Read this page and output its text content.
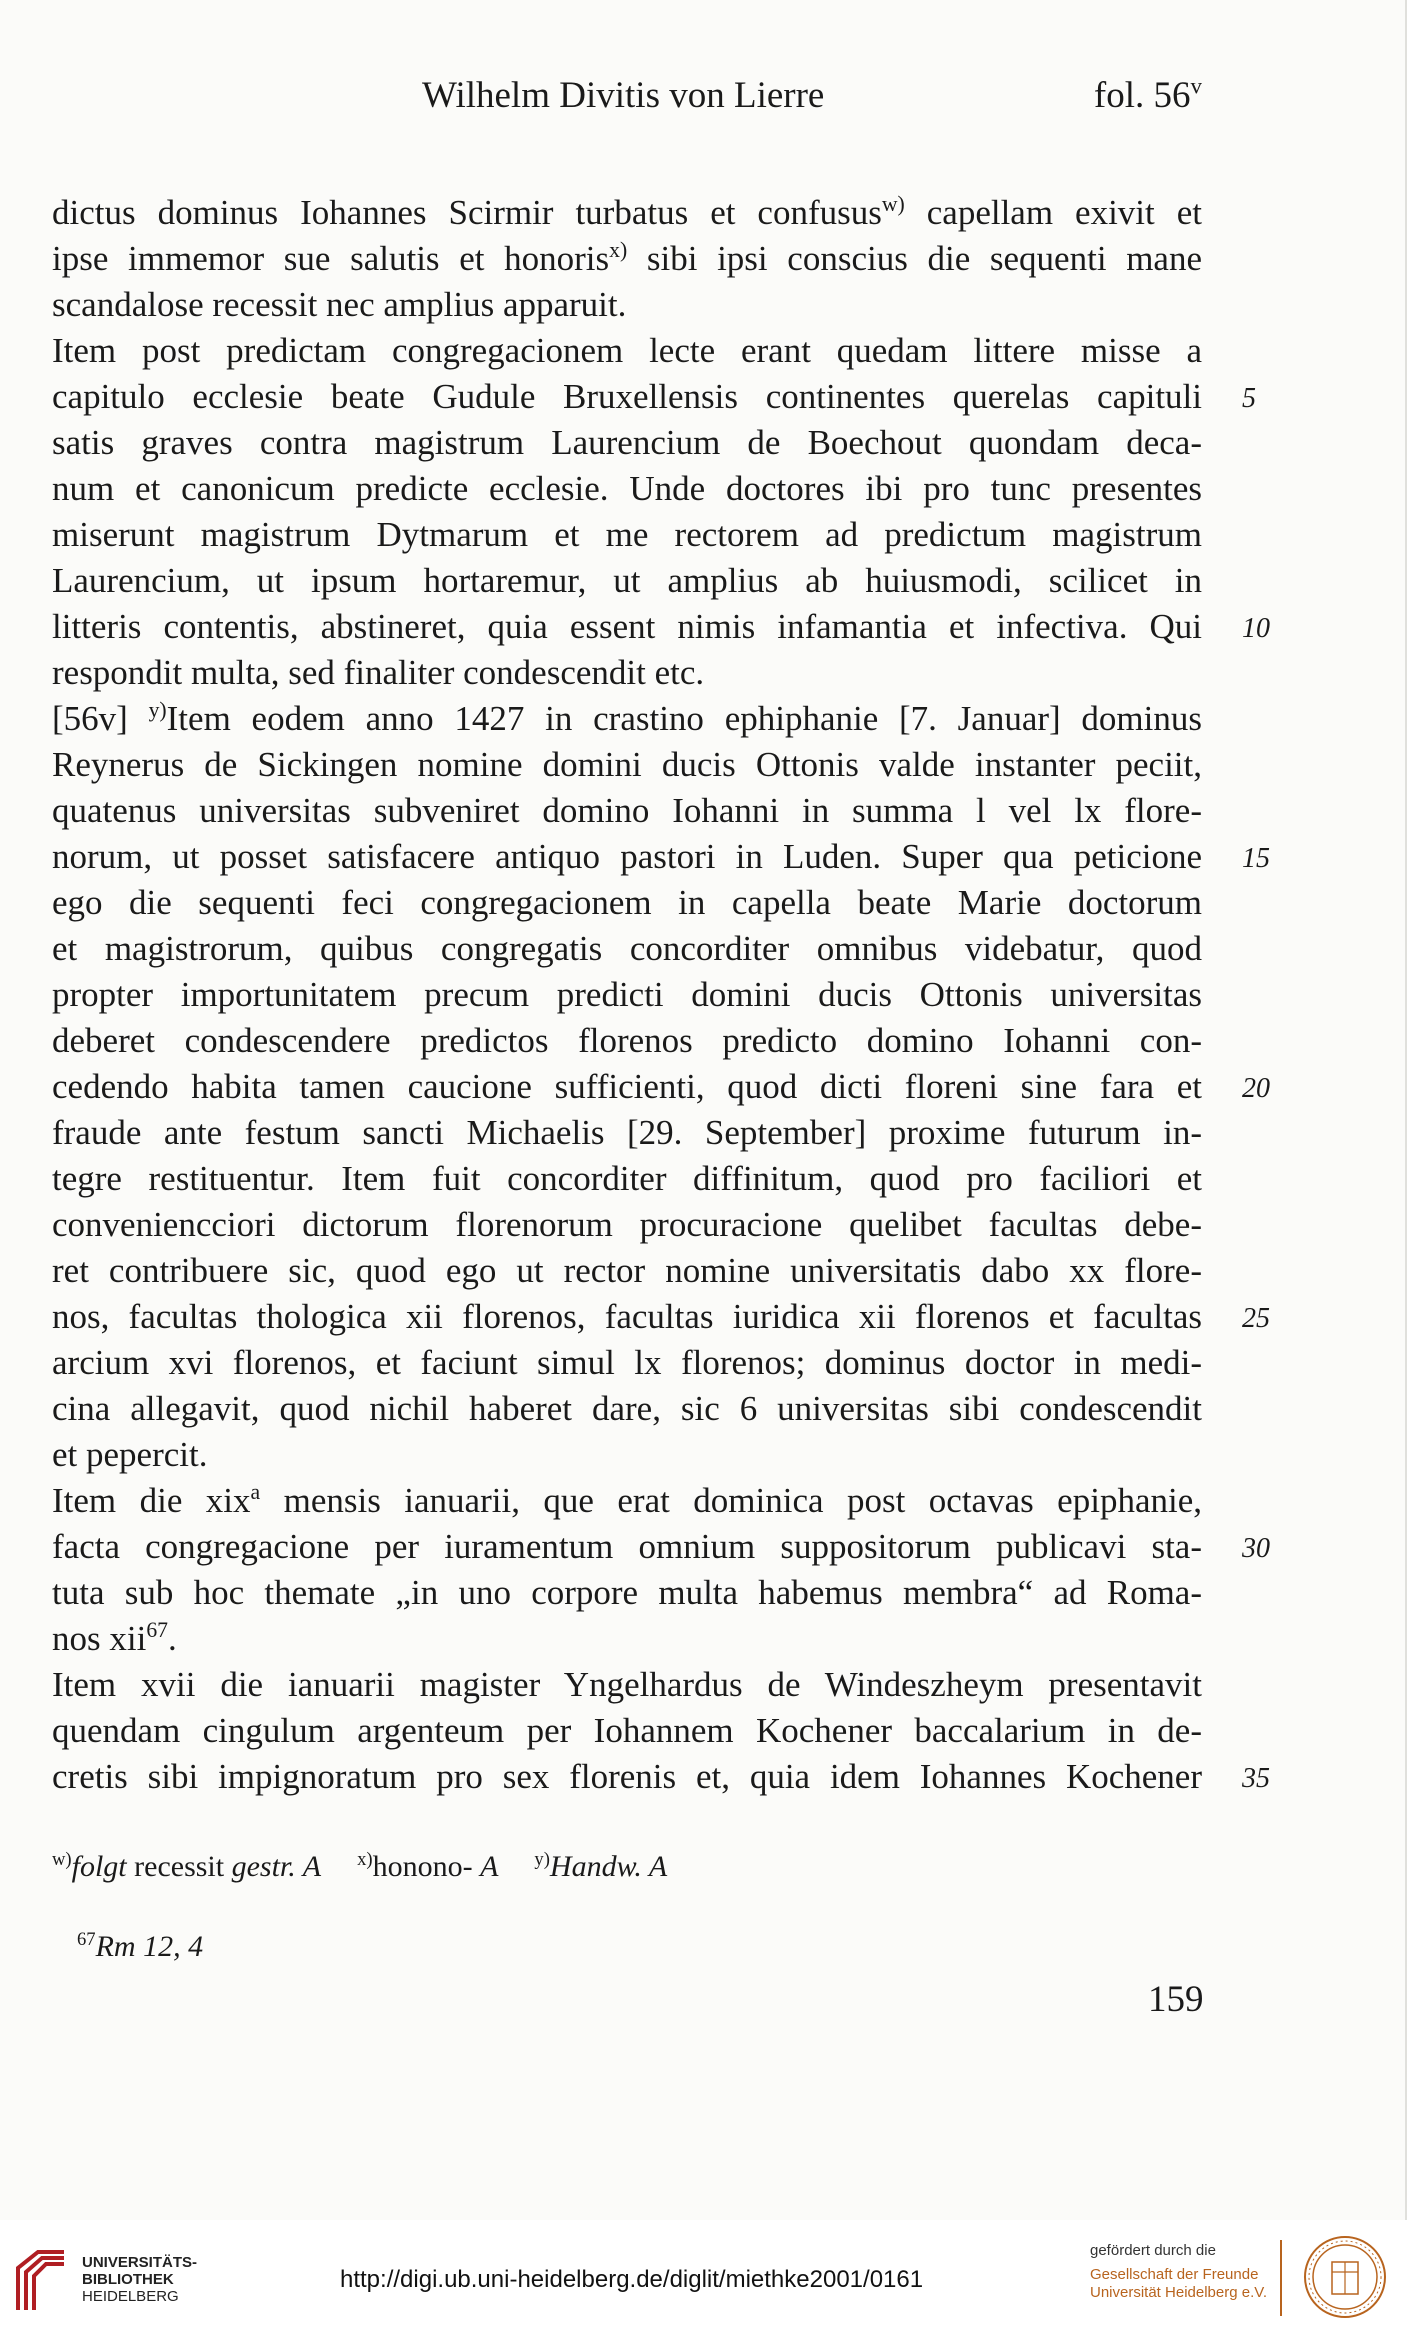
Wilhelm Divitis von Lierre	fol. 56$^v$
dictus dominus Iohannes Scirmir turbatus et confusus$^{w)}$ capellam exivit et
ipse immemor sue salutis et honoris$^{x)}$ sibi ipsi conscius die sequenti mane
scandalose recessit nec amplius apparuit.
Item post predictam congregacionem lecte erant quedam littere misse a
capitulo ecclesie beate Gudule Bruxellensis continentes querelas capituli 5
satis graves contra magistrum Laurencium de Boechout quondam deca-
num et canonicum predicte ecclesie. Unde doctores ibi pro tunc presentes
miserunt magistrum Dytmarum et me rectorem ad predictum magistrum
Laurencium, ut ipsum hortaremur, ut amplius ab huiusmodi, scilicet in
litteris contentis, abstineret, quia essent nimis infamantia et infectiva. Qui 10
respondit multa, sed finaliter condescendit etc.
[56v] $^{y)}$Item eodem anno 1427 in crastino ephiphanie [7. Januar] dominus
Reynerus de Sickingen nomine domini ducis Ottonis valde instanter peciit,
quatenus universitas subveniret domino Iohanni in summa l vel lx flore-
norum, ut posset satisfacere antiquo pastori in Luden. Super qua peticione 15
ego die sequenti feci congregacionem in capella beate Marie doctorum
et magistrorum, quibus congregatis concorditer omnibus videbatur, quod
propter importunitatem precum predicti domini ducis Ottonis universitas
deberet condescendere predictos florenos predicto domino Iohanni con-
cedendo habita tamen caucione sufficienti, quod dicti floreni sine fara et 20
fraude ante festum sancti Michaelis [29. September] proxime futurum in-
tegre restituentur. Item fuit concorditer diffinitum, quod pro faciliori et
conveniencciori dictorum florenorum procuracione quelibet facultas debe-
ret contribuere sic, quod ego ut rector nomine universitatis dabo xx flore-
nos, facultas thologica xii florenos, facultas iuridica xii florenos et facultas 25
arcium xvi florenos, et faciunt simul lx florenos; dominus doctor in medi-
cina allegavit, quod nichil haberet dare, sic 6 universitas sibi condescendit
et pepercit.
Item die xix$^a$ mensis ianuarii, que erat dominica post octavas epiphanie,
facta congregacione per iuramentum omnium suppositorum publicavi sta- 30
tuta sub hoc themate „in uno corpore multa habemus membra“ ad Roma-
nos xii$^{67}$.
Item xvii die ianuarii magister Yngelhardus de Windeszheym presentavit
quendam cingulum argenteum per Iohannem Kochener baccalarium in de-
cretis sibi impignoratum pro sex florenis et, quia idem Iohannes Kochener 35
$^{w)}$folgt recessit gestr. A $^{x)}$honono- A $^{y)}$Handw. A
$^{67}$Rm 12, 4
159
UNIVERSITÄTS-
BIBLIOTHEK
HEIDELBERG
http://digi.ub.uni-heidelberg.de/diglit/miethke2001/0161
gefördert durch die
Gesellschaft der Freunde
Universität Heidelberg e.V.
